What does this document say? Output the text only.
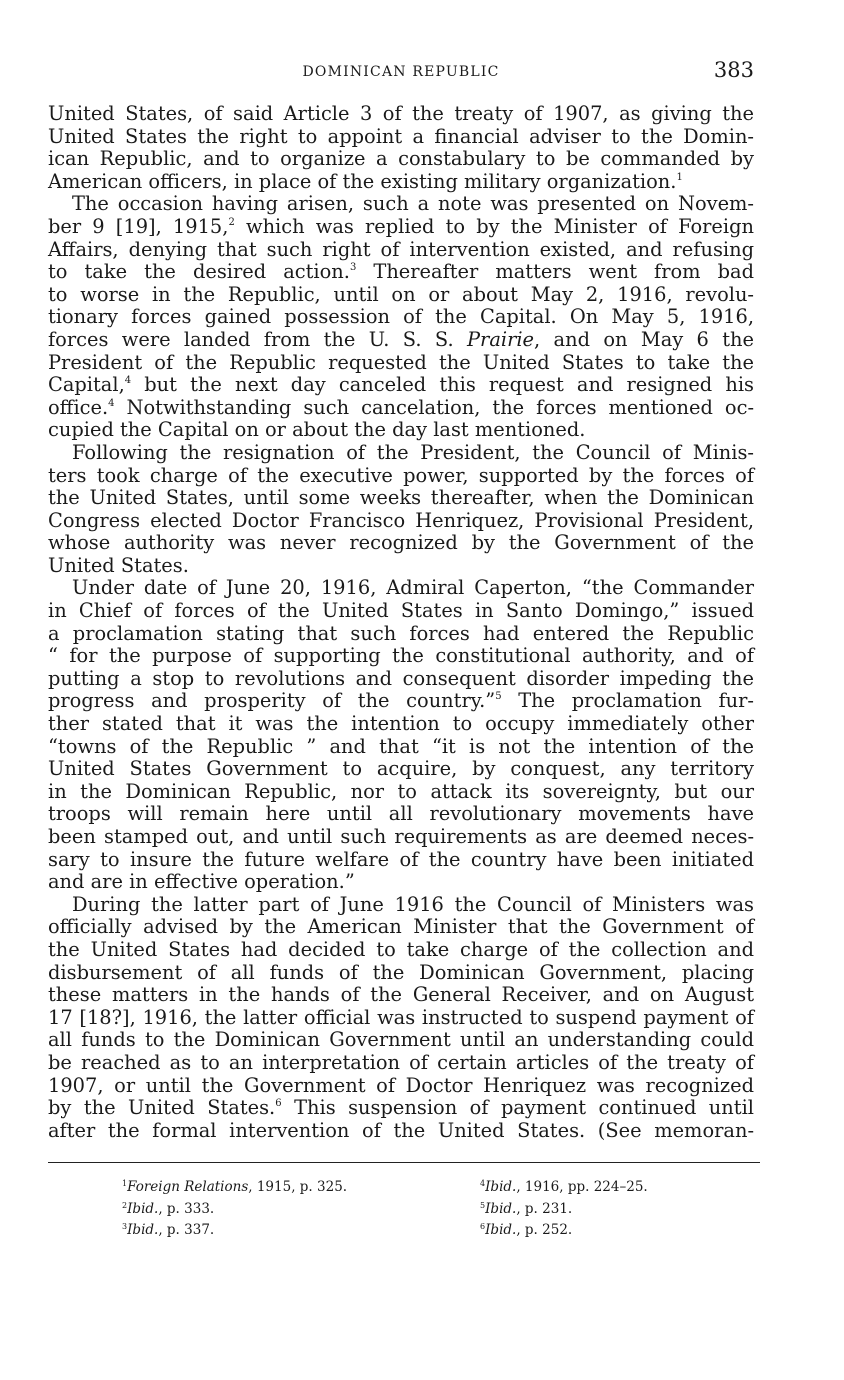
DOMINICAN REPUBLIC	383
United States, of said Article 3 of the treaty of 1907, as giving the
United States the right to appoint a financial adviser to the Domin-
ican Republic, and to organize a constabulary to be commanded by
American officers, in place of the existing military organization.$^1$
The occasion having arisen, such a note was presented on Novem-
ber 9 [19], 1915,$^2$ which was replied to by the Minister of Foreign
Affairs, denying that such right of intervention existed, and refusing
to take the desired action.$^3$ Thereafter matters went from bad
to worse in the Republic, until on or about May 2, 1916, revolu-
tionary forces gained possession of the Capital. On May 5, 1916,
forces were landed from the U. S. S. Prairie, and on May 6 the
President of the Republic requested the United States to take the
Capital,$^4$ but the next day canceled this request and resigned his
office.$^4$ Notwithstanding such cancelation, the forces mentioned oc-
cupied the Capital on or about the day last mentioned.
Following the resignation of the President, the Council of Minis-
ters took charge of the executive power, supported by the forces of
the United States, until some weeks thereafter, when the Dominican
Congress elected Doctor Francisco Henriquez, Provisional President,
whose authority was never recognized by the Government of the
United States.
Under date of June 20, 1916, Admiral Caperton, “the Commander
in Chief of forces of the United States in Santo Domingo,” issued
a proclamation stating that such forces had entered the Republic
“ for the purpose of supporting the constitutional authority, and of
putting a stop to revolutions and consequent disorder impeding the
progress and prosperity of the country.”$^5$ The proclamation fur-
ther stated that it was the intention to occupy immediately other
“towns of the Republic ” and that “it is not the intention of the
United States Government to acquire, by conquest, any territory
in the Dominican Republic, nor to attack its sovereignty, but our
troops will remain here until all revolutionary movements have
been stamped out, and until such requirements as are deemed neces-
sary to insure the future welfare of the country have been initiated
and are in effective operation.”
During the latter part of June 1916 the Council of Ministers was
officially advised by the American Minister that the Government of
the United States had decided to take charge of the collection and
disbursement of all funds of the Dominican Government, placing
these matters in the hands of the General Receiver, and on August
17 [18?], 1916, the latter official was instructed to suspend payment of
all funds to the Dominican Government until an understanding could
be reached as to an interpretation of certain articles of the treaty of
1907, or until the Government of Doctor Henriquez was recognized
by the United States.$^6$ This suspension of payment continued until
after the formal intervention of the United States. (See memoran-
$^1$Foreign Relations, 1915, p. 325.
$^2$Ibid., p. 333.
$^3$Ibid., p. 337.
$^4$Ibid., 1916, pp. 224–25.
$^5$Ibid., p. 231.
$^6$Ibid., p. 252.
